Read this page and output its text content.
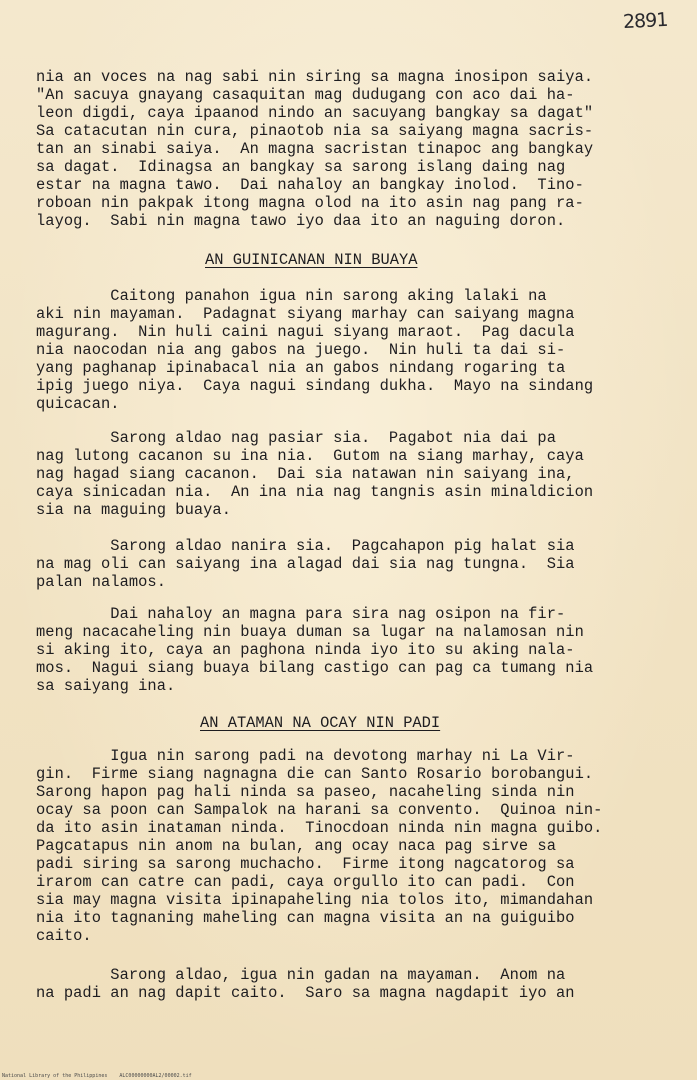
2891
nia an voces na nag sabi nin siring sa magna inosipon saiya.
"An sacuya gnayang casaquitan mag dudugang con aco dai ha-
leon digdi, caya ipaanod nindo an sacuyang bangkay sa dagat"
Sa catacutan nin cura, pinaotob nia sa saiyang magna sacris-
tan an sinabi saiya.  An magna sacristan tinapoc ang bangkay
sa dagat.  Idinagsa an bangkay sa sarong islang daing nag
estar na magna tawo.  Dai nahaloy an bangkay inolod.  Tino-
roboan nin pakpak itong magna olod na ito asin nag pang ra-
layog.  Sabi nin magna tawo iyo daa ito an naguing doron.
AN GUINICANAN NIN BUAYA
Caitong panahon igua nin sarong aking lalaki na
aki nin mayaman.  Padagnat siyang marhay can saiyang magna
magurang.  Nin huli caini nagui siyang maraot.  Pag dacula
nia naocodan nia ang gabos na juego.  Nin huli ta dai si-
yang paghanap ipinabacal nia an gabos nindang rogaring ta
ipig juego niya.  Caya nagui sindang dukha.  Mayo na sindang
quicacan.
Sarong aldao nag pasiar sia.  Pagabot nia dai pa
nag lutong cacanon su ina nia.  Gutom na siang marhay, caya
nag hagad siang cacanon.  Dai sia natawan nin saiyang ina,
caya sinicadan nia.  An ina nia nag tangnis asin minaldicion
sia na maguing buaya.
Sarong aldao nanira sia.  Pagcahapon pig halat sia
na mag oli can saiyang ina alagad dai sia nag tungna.  Sia
palan nalamos.
Dai nahaloy an magna para sira nag osipon na fir-
meng nacacaheling nin buaya duman sa lugar na nalamosan nin
si aking ito, caya an paghona ninda iyo ito su aking nala-
mos.  Nagui siang buaya bilang castigo can pag ca tumang nia
sa saiyang ina.
AN ATAMAN NA OCAY NIN PADI
Igua nin sarong padi na devotong marhay ni La Vir-
gin.  Firme siang nagnagna die can Santo Rosario borobangui.
Sarong hapon pag hali ninda sa paseo, nacaheling sinda nin
ocay sa poon can Sampalok na harani sa convento.  Quinoa nin-
da ito asin inataman ninda.  Tinocdoan ninda nin magna guibo.
Pagcatapus nin anom na bulan, ang ocay naca pag sirve sa
padi siring sa sarong muchacho.  Firme itong nagcatorog sa
irarom can catre can padi, caya orgullo ito can padi.  Con
sia may magna visita ipinapaheling nia tolos ito, mimandahan
nia ito tagnaning maheling can magna visita an na guiguibo
caito.
Sarong aldao, igua nin gadan na mayaman.  Anom na
na padi an nag dapit caito.  Saro sa magna nagdapit iyo an
National Library of the Philippines    ALC00000000AL2/00002.tif
